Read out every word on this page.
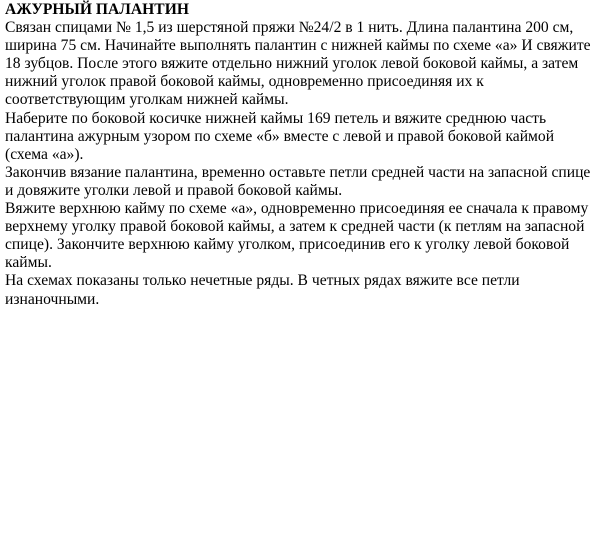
АЖУРНЫЙ ПАЛАНТИН
Связан спицами № 1,5 из шерстяной пряжи №24/2 в 1 нить. Длина палантина 200 см, ширина 75 см. Начинайте выполнять палантин с нижней каймы по схеме «а» И свяжите 18 зубцов. После этого вяжите отдельно нижний уголок левой боковой каймы, а затем нижний уголок правой боковой каймы, одновременно присоединяя их к соответствующим уголкам нижней каймы.
Наберите по боковой косичке нижней каймы 169 петель и вяжите среднюю часть палантина ажурным узором по схеме «б» вместе с левой и правой боковой каймой (схема «а»).
Закончив вязание палантина, временно оставьте петли средней части на запасной спице и довяжите уголки левой и правой боковой каймы.
Вяжите верхнюю кайму по схеме «а», одновременно присоединяя ее сначала к правому верхнему уголку правой боковой каймы, а затем к средней части (к петлям на запасной спице). Закончите верхнюю кайму уголком, присоединив его к уголку левой боковой каймы.
На схемах показаны только нечетные ряды. В четных рядах вяжите все петли изнаночными.
